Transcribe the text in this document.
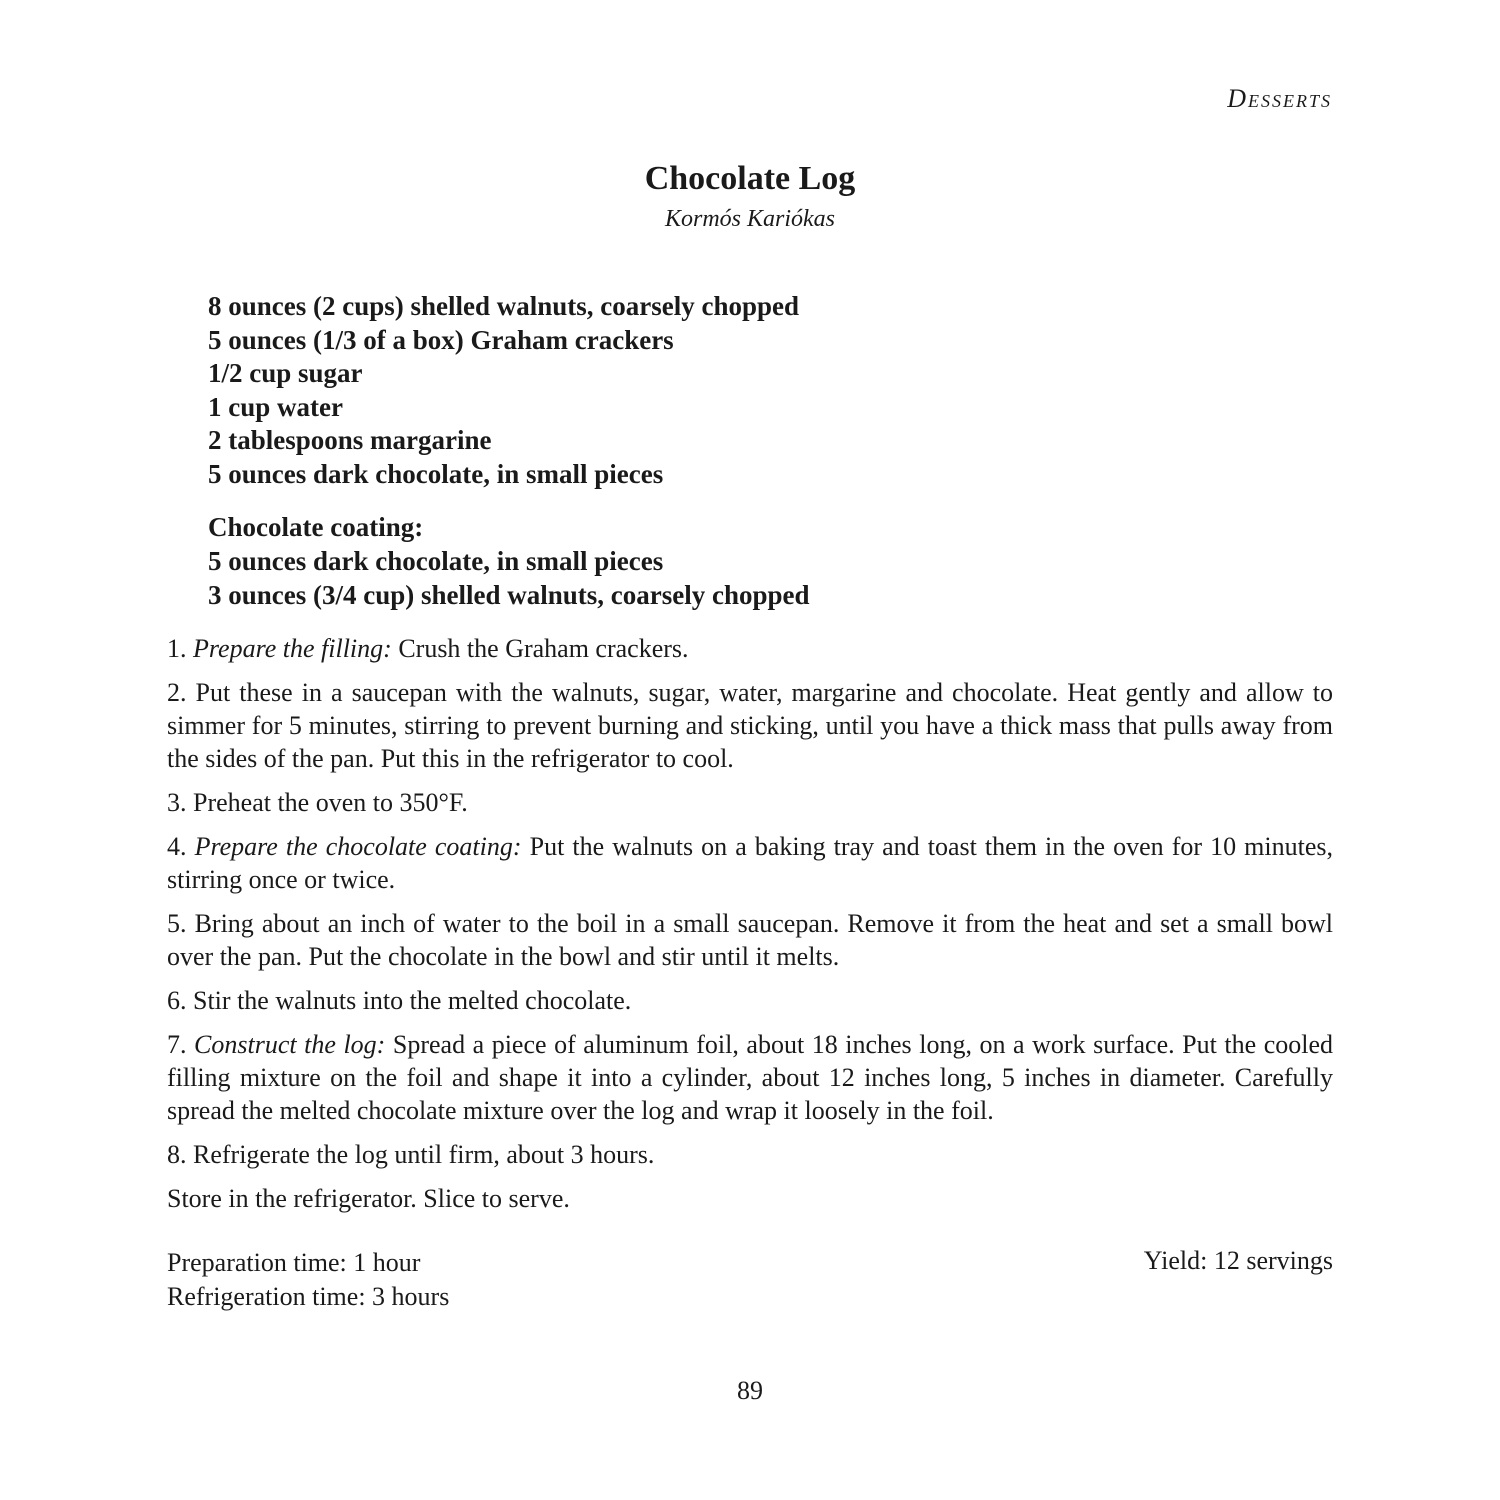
Desserts
Chocolate Log
Kormós Kariókas
8 ounces (2 cups) shelled walnuts, coarsely chopped
5 ounces (1/3 of a box) Graham crackers
1/2 cup sugar
1 cup water
2 tablespoons margarine
5 ounces dark chocolate, in small pieces
Chocolate coating:
5 ounces dark chocolate, in small pieces
3 ounces (3/4 cup) shelled walnuts, coarsely chopped

1. Prepare the filling: Crush the Graham crackers.

2. Put these in a saucepan with the walnuts, sugar, water, margarine and chocolate. Heat gently and allow to simmer for 5 minutes, stirring to prevent burning and sticking, until you have a thick mass that pulls away from the sides of the pan. Put this in the refrigerator to cool.

3. Preheat the oven to 350°F.

4. Prepare the chocolate coating: Put the walnuts on a baking tray and toast them in the oven for 10 minutes, stirring once or twice.

5. Bring about an inch of water to the boil in a small saucepan. Remove it from the heat and set a small bowl over the pan. Put the chocolate in the bowl and stir until it melts.

6. Stir the walnuts into the melted chocolate.

7. Construct the log: Spread a piece of aluminum foil, about 18 inches long, on a work surface. Put the cooled filling mixture on the foil and shape it into a cylinder, about 12 inches long, 5 inches in diameter. Carefully spread the melted chocolate mixture over the log and wrap it loosely in the foil.

8. Refrigerate the log until firm, about 3 hours.

Store in the refrigerator. Slice to serve.

Preparation time: 1 hour
Refrigeration time: 3 hours
Yield: 12 servings
89
